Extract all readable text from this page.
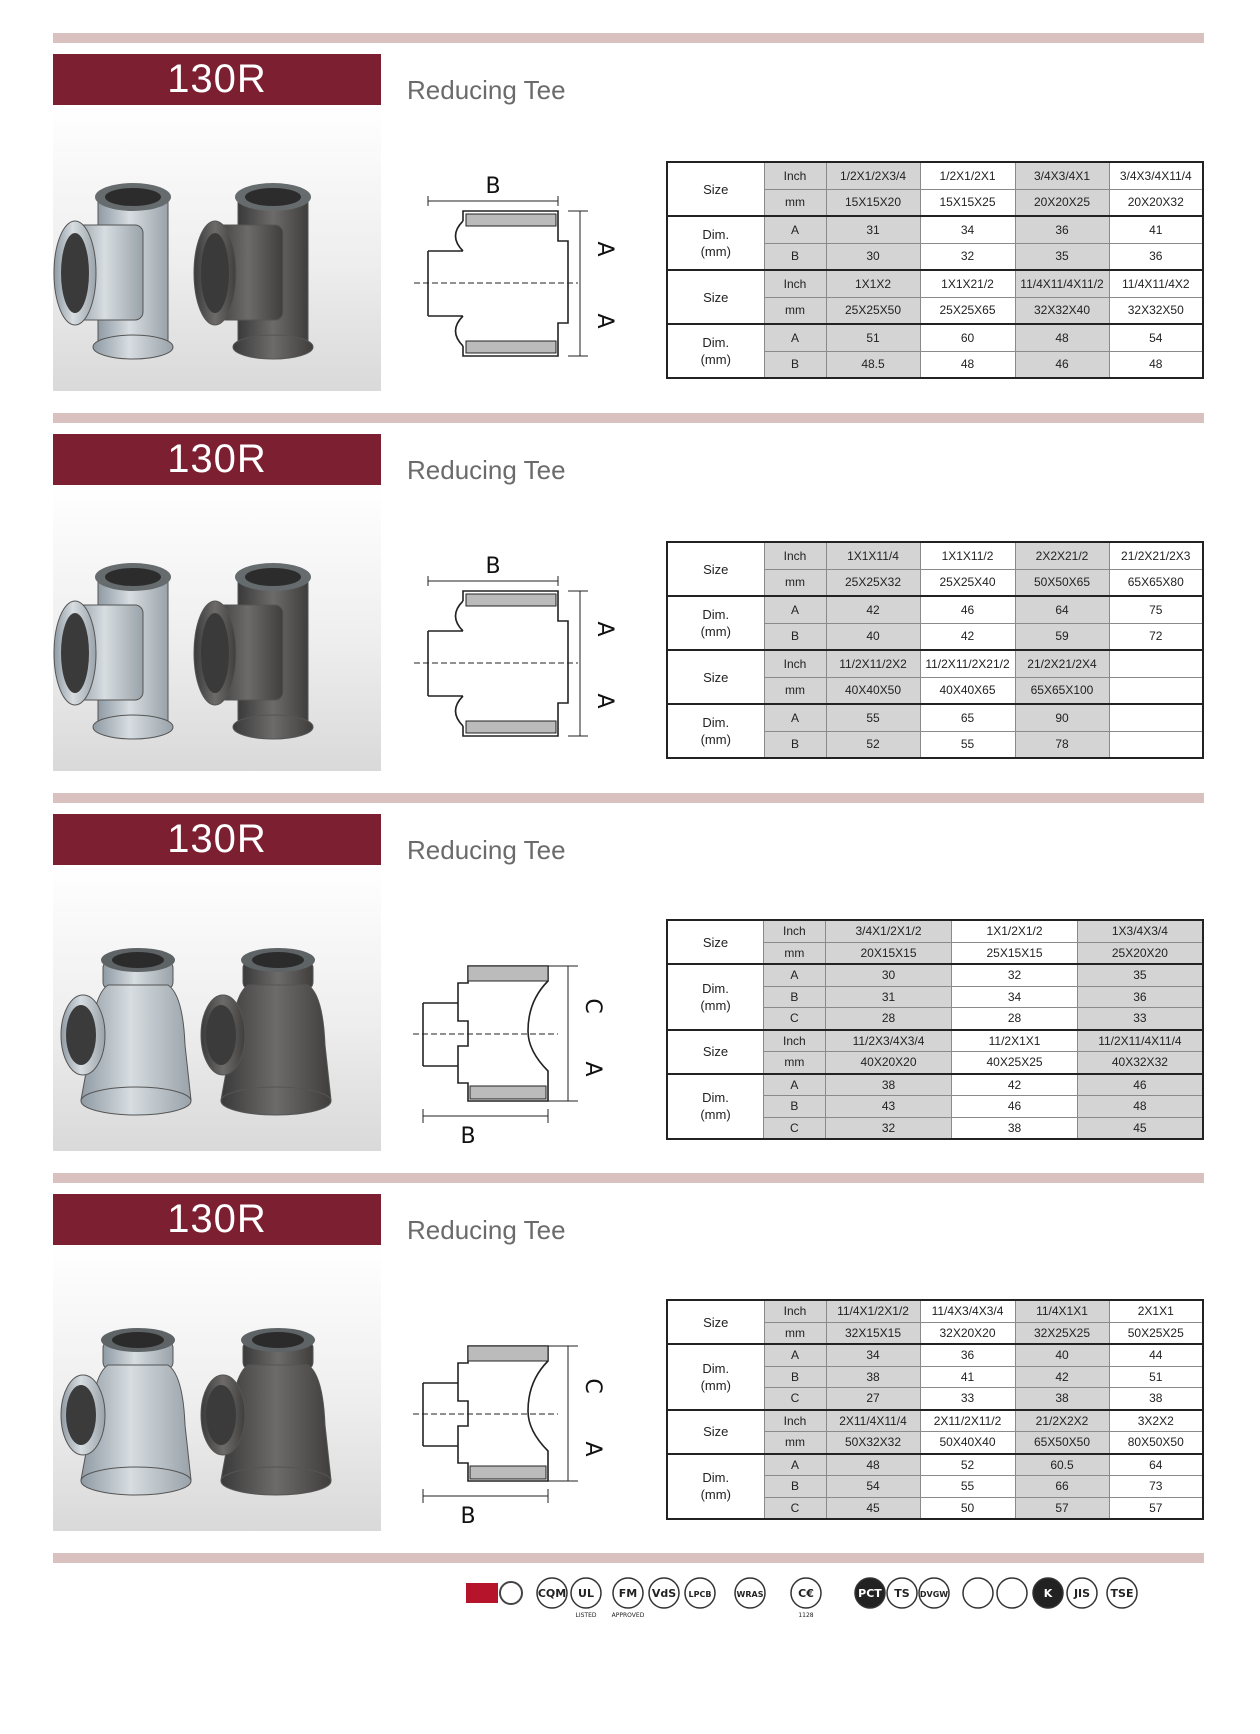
130R	Reducing Tee
B
A
A
Size	Inch	1/2X1/2X3/4	1/2X1/2X1	3/4X3/4X1	3/4X3/4X11/4
	mm	15X15X20	15X15X25	20X20X25	20X20X32
Dim.
(mm)	A	31	34	36	41
	B	30	32	35	36
Size	Inch	1X1X2	1X1X21/2	11/4X11/4X11/2	11/4X11/4X2
	mm	25X25X50	25X25X65	32X32X40	32X32X50
Dim.
(mm)	A	51	60	48	54
	B	48.5	48	46	48
130R	Reducing Tee
B
A
A
Size	Inch	1X1X11/4	1X1X11/2	2X2X21/2	21/2X21/2X3
	mm	25X25X32	25X25X40	50X50X65	65X65X80
Dim.
(mm)	A	42	46	64	75
	B	40	42	59	72
Size	Inch	11/2X11/2X2	11/2X11/2X21/2	21/2X21/2X4	
	mm	40X40X50	40X40X65	65X65X100	
Dim.
(mm)	A	55	65	90	
	B	52	55	78	
130R	Reducing Tee
C
A
B
Size	Inch	3/4X1/2X1/2	1X1/2X1/2	1X3/4X3/4
	mm	20X15X15	25X15X15	25X20X20
Dim.
(mm)	A	30	32	35
	B	31	34	36
	C	28	28	33
Size	Inch	11/2X3/4X3/4	11/2X1X1	11/2X11/4X11/4
	mm	40X20X20	40X25X25	40X32X32
Dim.
(mm)	A	38	42	46
	B	43	46	48
	C	32	38	45
130R	Reducing Tee
C
A
B
Size	Inch	11/4X1/2X1/2	11/4X3/4X3/4	11/4X1X1	2X1X1
	mm	32X15X15	32X20X20	32X25X25	50X25X25
Dim.
(mm)	A	34	36	40	44
	B	38	41	42	51
	C	27	33	38	38
Size	Inch	2X11/4X11/4	2X11/2X11/2	21/2X2X2	3X2X2
	mm	50X32X32	50X40X40	65X50X50	80X50X50
Dim.
(mm)	A	48	52	60.5	64
	B	54	55	66	73
	C	45	50	57	57
CQM UL
LISTED
FM
APPROVED
VdS LPCB	WRAS	C€
1128
PCT TS DVGW	K JIS TSE
